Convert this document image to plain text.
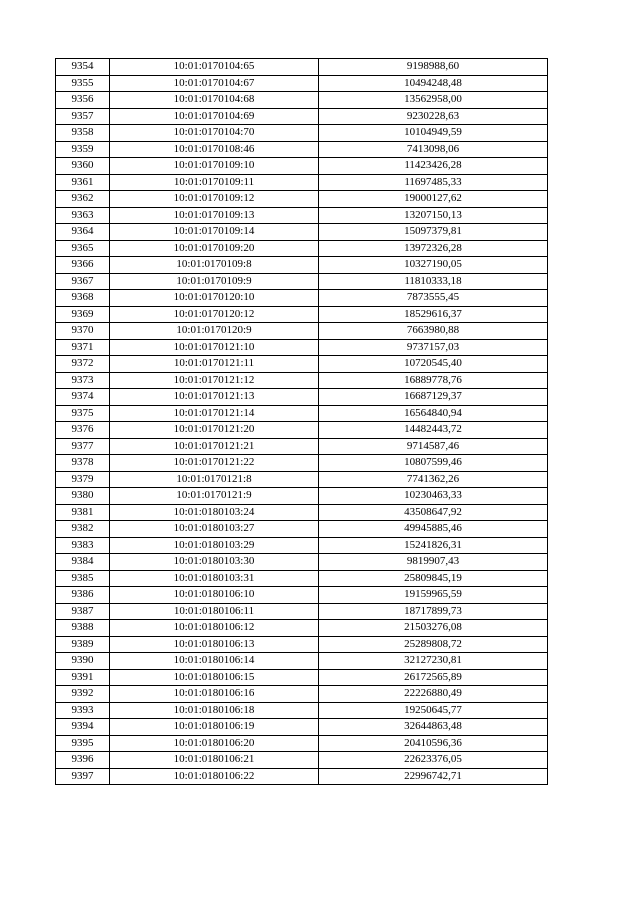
9354	10:01:0170104:65	9198988,60
9355	10:01:0170104:67	10494248,48
9356	10:01:0170104:68	13562958,00
9357	10:01:0170104:69	9230228,63
9358	10:01:0170104:70	10104949,59
9359	10:01:0170108:46	7413098,06
9360	10:01:0170109:10	11423426,28
9361	10:01:0170109:11	11697485,33
9362	10:01:0170109:12	19000127,62
9363	10:01:0170109:13	13207150,13
9364	10:01:0170109:14	15097379,81
9365	10:01:0170109:20	13972326,28
9366	10:01:0170109:8	10327190,05
9367	10:01:0170109:9	11810333,18
9368	10:01:0170120:10	7873555,45
9369	10:01:0170120:12	18529616,37
9370	10:01:0170120:9	7663980,88
9371	10:01:0170121:10	9737157,03
9372	10:01:0170121:11	10720545,40
9373	10:01:0170121:12	16889778,76
9374	10:01:0170121:13	16687129,37
9375	10:01:0170121:14	16564840,94
9376	10:01:0170121:20	14482443,72
9377	10:01:0170121:21	9714587,46
9378	10:01:0170121:22	10807599,46
9379	10:01:0170121:8	7741362,26
9380	10:01:0170121:9	10230463,33
9381	10:01:0180103:24	43508647,92
9382	10:01:0180103:27	49945885,46
9383	10:01:0180103:29	15241826,31
9384	10:01:0180103:30	9819907,43
9385	10:01:0180103:31	25809845,19
9386	10:01:0180106:10	19159965,59
9387	10:01:0180106:11	18717899,73
9388	10:01:0180106:12	21503276,08
9389	10:01:0180106:13	25289808,72
9390	10:01:0180106:14	32127230,81
9391	10:01:0180106:15	26172565,89
9392	10:01:0180106:16	22226880,49
9393	10:01:0180106:18	19250645,77
9394	10:01:0180106:19	32644863,48
9395	10:01:0180106:20	20410596,36
9396	10:01:0180106:21	22623376,05
9397	10:01:0180106:22	22996742,71
